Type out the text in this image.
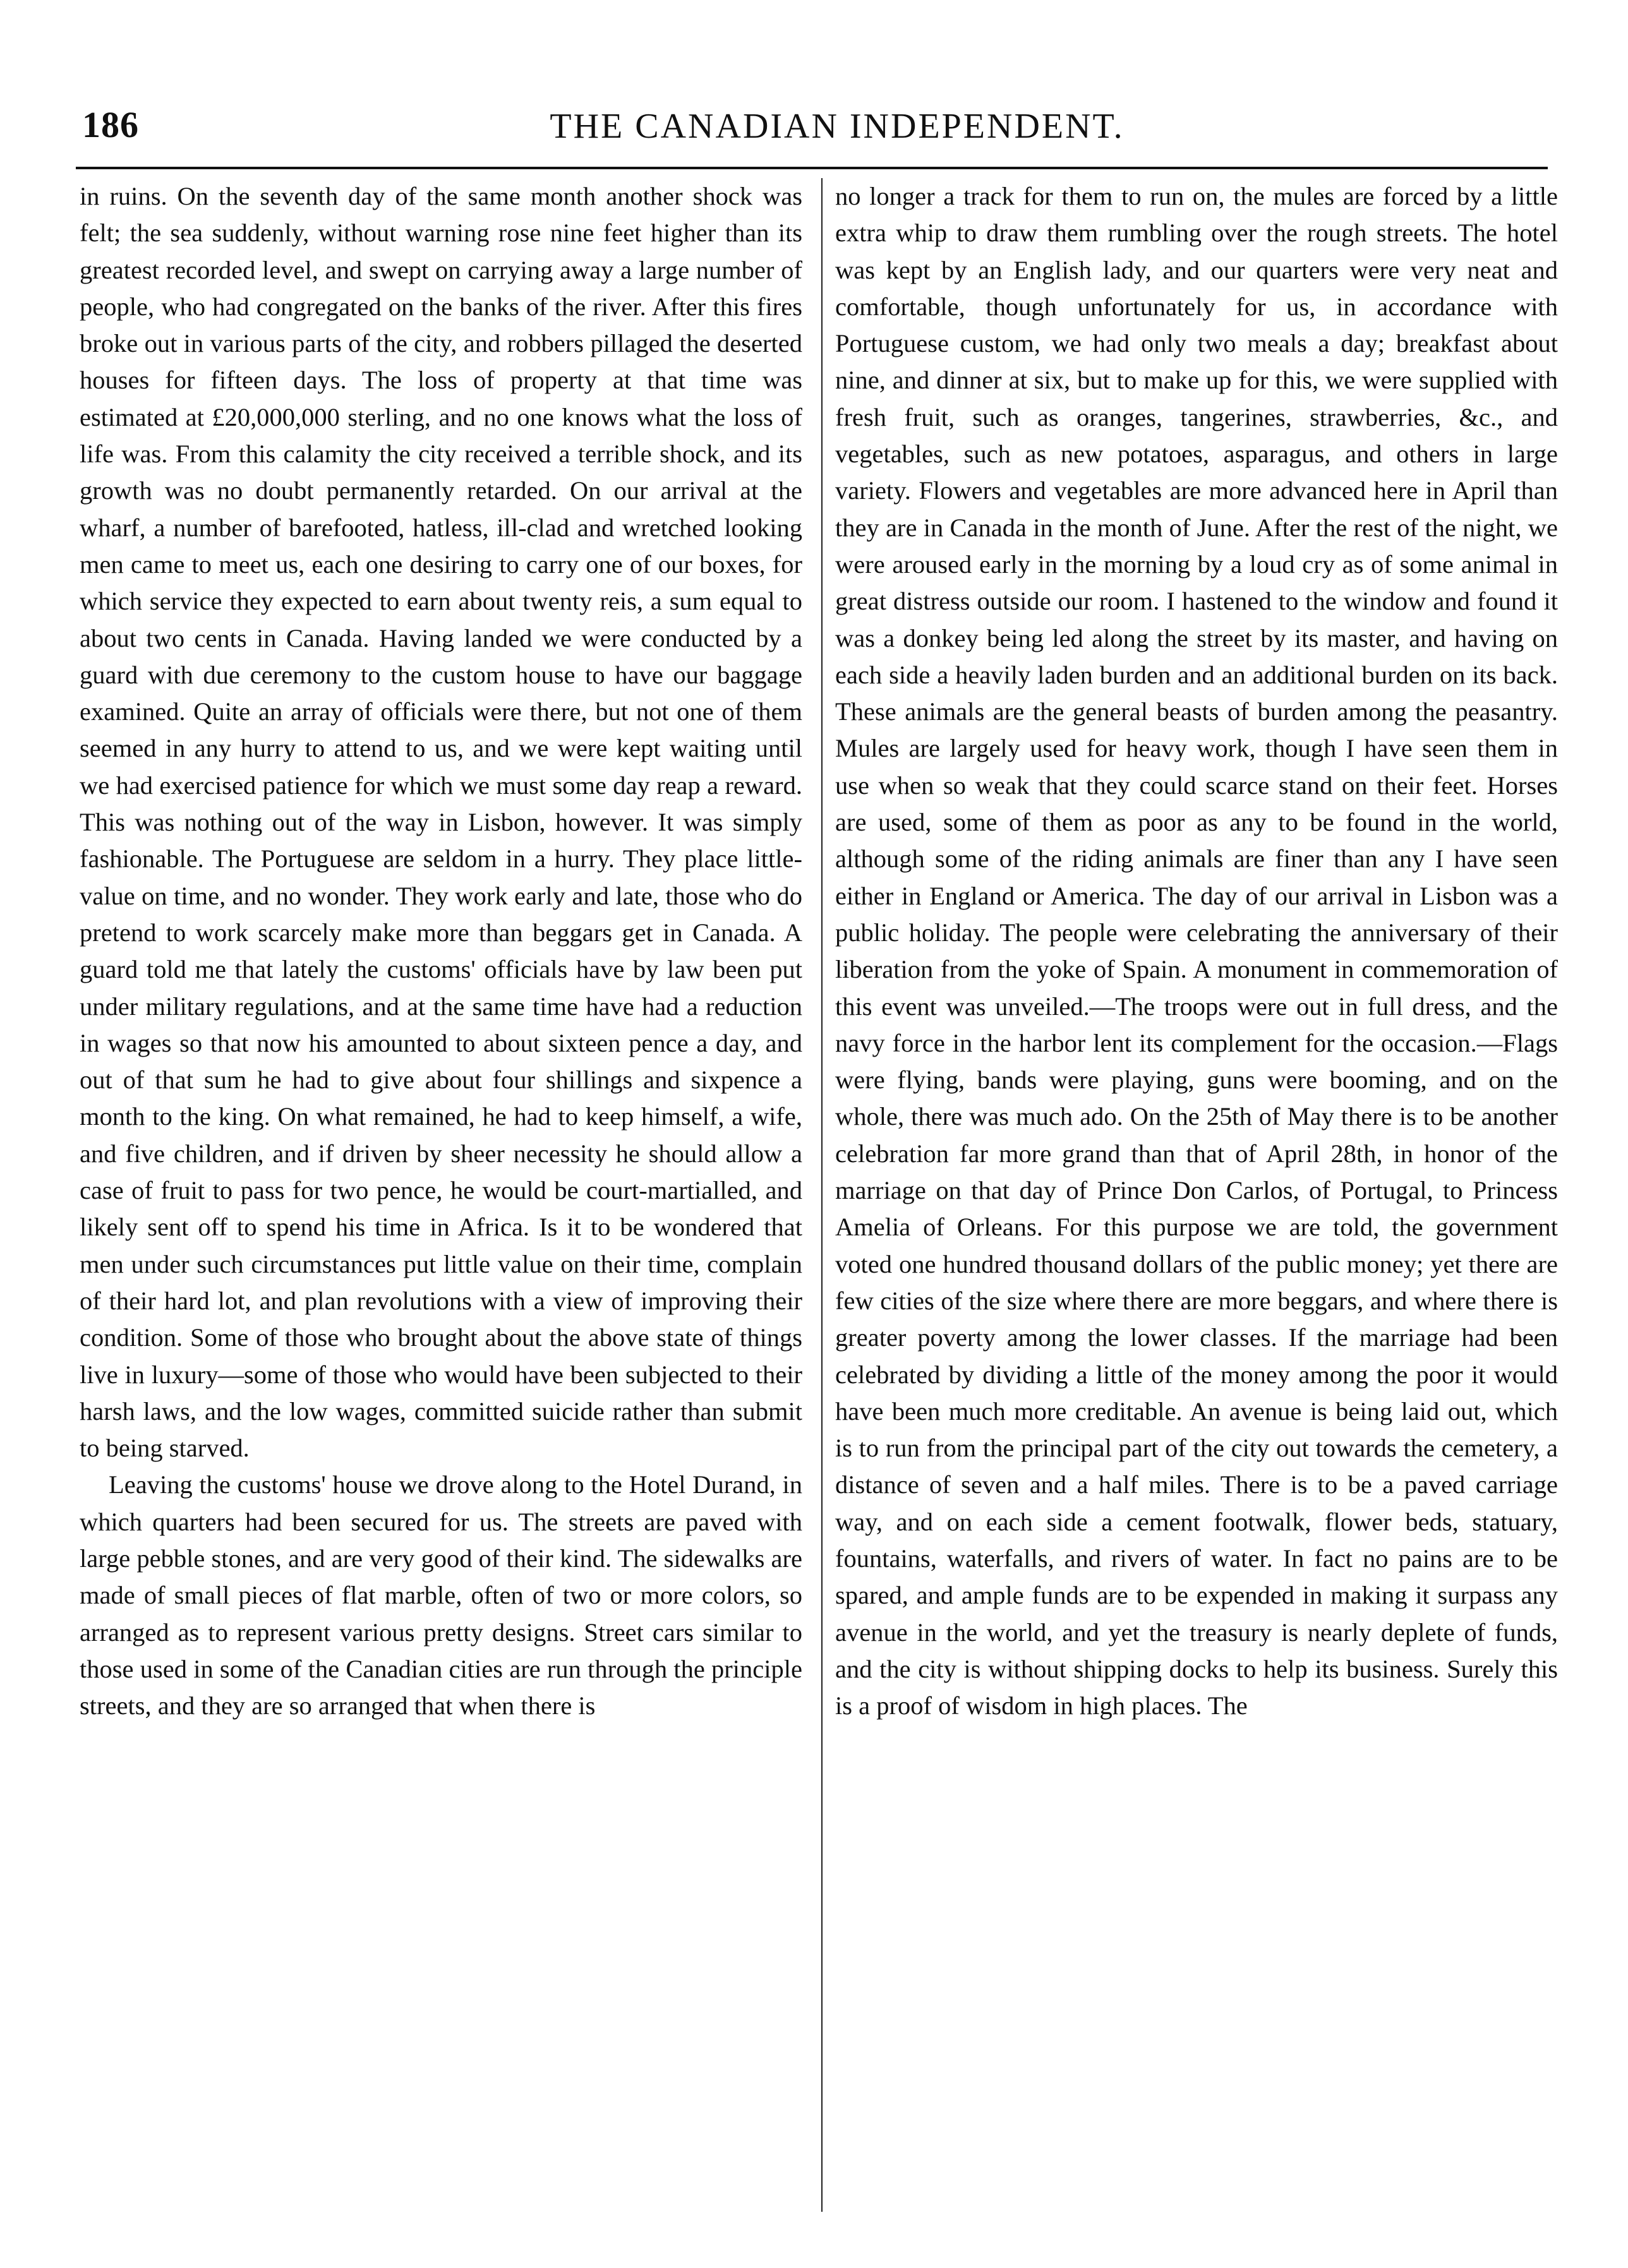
186	THE CANADIAN INDEPENDENT.

in ruins. On the seventh day of the same month another shock was felt; the sea suddenly, without warning rose nine feet higher than its greatest recorded level, and swept on carrying away a large number of people, who had congregated on the banks of the river. After this fires broke out in various parts of the city, and robbers pillaged the deserted houses for fifteen days. The loss of property at that time was estimated at £20,000,000 sterling, and no one knows what the loss of life was. From this calamity the city received a terrible shock, and its growth was no doubt permanently retarded. On our arrival at the wharf, a number of barefooted, hatless, ill-clad and wretched looking men came to meet us, each one desiring to carry one of our boxes, for which service they expected to earn about twenty reis, a sum equal to about two cents in Canada. Having landed we were conducted by a guard with due ceremony to the custom house to have our baggage examined. Quite an array of officials were there, but not one of them seemed in any hurry to attend to us, and we were kept waiting until we had exercised patience for which we must some day reap a reward. This was nothing out of the way in Lisbon, however. It was simply fashionable. The Portuguese are seldom in a hurry. They place little-value on time, and no wonder. They work early and late, those who do pretend to work scarcely make more than beggars get in Canada. A guard told me that lately the customs' officials have by law been put under military regulations, and at the same time have had a reduction in wages so that now his amounted to about sixteen pence a day, and out of that sum he had to give about four shillings and sixpence a month to the king. On what remained, he had to keep himself, a wife, and five children, and if driven by sheer necessity he should allow a case of fruit to pass for two pence, he would be court-martialled, and likely sent off to spend his time in Africa. Is it to be wondered that men under such circumstances put little value on their time, complain of their hard lot, and plan revolutions with a view of improving their condition. Some of those who brought about the above state of things live in luxury—some of those who would have been subjected to their harsh laws, and the low wages, committed suicide rather than submit to being starved.

Leaving the customs' house we drove along to the Hotel Durand, in which quarters had been secured for us. The streets are paved with large pebble stones, and are very good of their kind. The sidewalks are made of small pieces of flat marble, often of two or more colors, so arranged as to represent various pretty designs. Street cars similar to those used in some of the Canadian cities are run through the principle streets, and they are so arranged that when there is

no longer a track for them to run on, the mules are forced by a little extra whip to draw them rumbling over the rough streets. The hotel was kept by an English lady, and our quarters were very neat and comfortable, though unfortunately for us, in accordance with Portuguese custom, we had only two meals a day; breakfast about nine, and dinner at six, but to make up for this, we were supplied with fresh fruit, such as oranges, tangerines, strawberries, &c., and vegetables, such as new potatoes, asparagus, and others in large variety. Flowers and vegetables are more advanced here in April than they are in Canada in the month of June. After the rest of the night, we were aroused early in the morning by a loud cry as of some animal in great distress outside our room. I hastened to the window and found it was a donkey being led along the street by its master, and having on each side a heavily laden burden and an additional burden on its back. These animals are the general beasts of burden among the peasantry. Mules are largely used for heavy work, though I have seen them in use when so weak that they could scarce stand on their feet. Horses are used, some of them as poor as any to be found in the world, although some of the riding animals are finer than any I have seen either in England or America. The day of our arrival in Lisbon was a public holiday. The people were celebrating the anniversary of their liberation from the yoke of Spain. A monument in commemoration of this event was unveiled.—The troops were out in full dress, and the navy force in the harbor lent its complement for the occasion.—Flags were flying, bands were playing, guns were booming, and on the whole, there was much ado. On the 25th of May there is to be another celebration far more grand than that of April 28th, in honor of the marriage on that day of Prince Don Carlos, of Portugal, to Princess Amelia of Orleans. For this purpose we are told, the government voted one hundred thousand dollars of the public money; yet there are few cities of the size where there are more beggars, and where there is greater poverty among the lower classes. If the marriage had been celebrated by dividing a little of the money among the poor it would have been much more creditable. An avenue is being laid out, which is to run from the principal part of the city out towards the cemetery, a distance of seven and a half miles. There is to be a paved carriage way, and on each side a cement footwalk, flower beds, statuary, fountains, waterfalls, and rivers of water. In fact no pains are to be spared, and ample funds are to be expended in making it surpass any avenue in the world, and yet the treasury is nearly deplete of funds, and the city is without shipping docks to help its business. Surely this is a proof of wisdom in high places. The
